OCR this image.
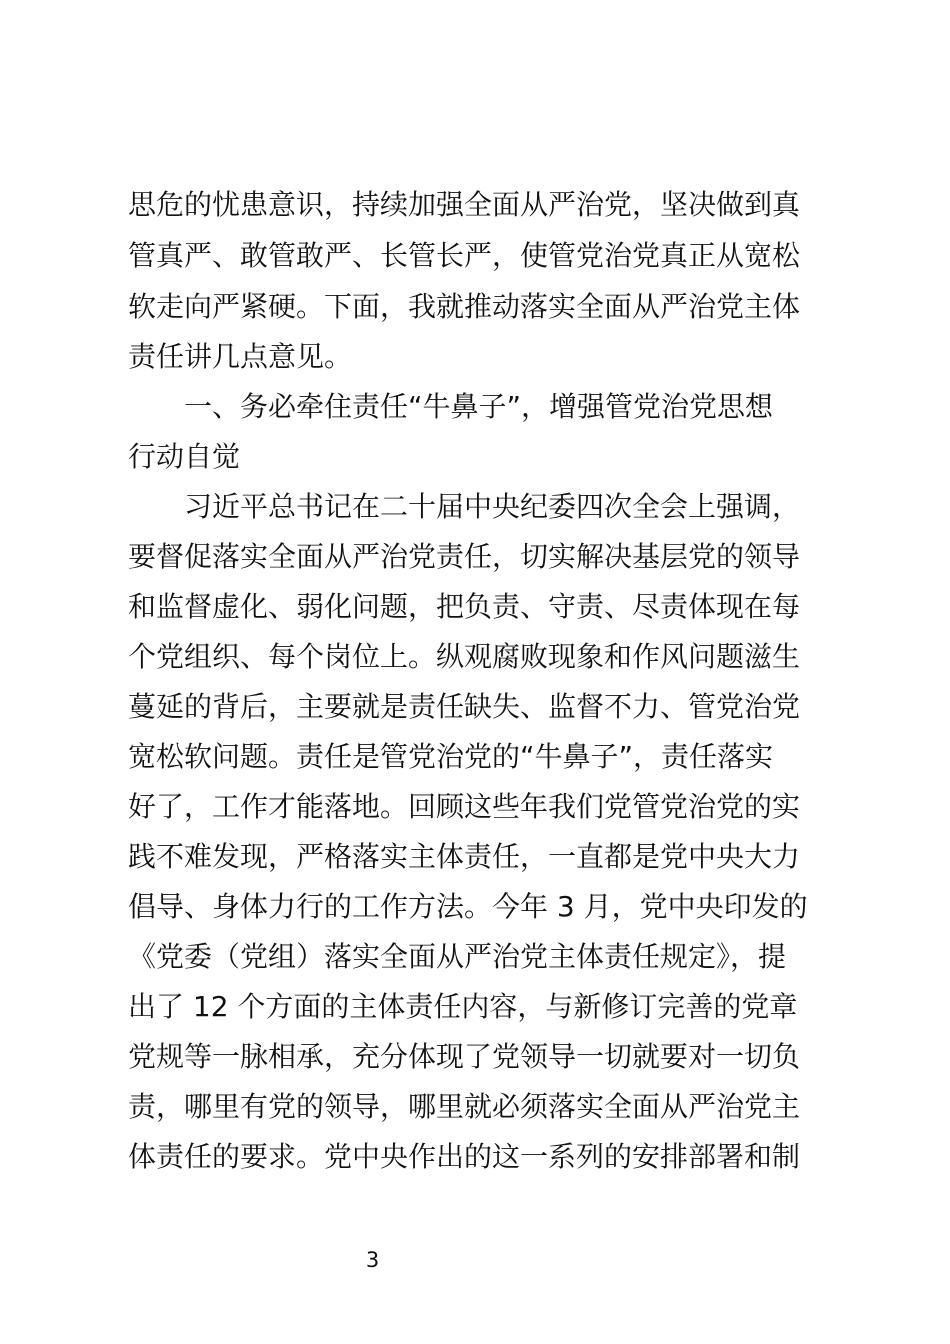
思危的忧患意识，持续加强全面从严治党，坚决做到真
管真严、敢管敢严、长管长严，使管党治党真正从宽松
软走向严紧硬。下面，我就推动落实全面从严治党主体
责任讲几点意见。
一、务必牵住责任“牛鼻子”，增强管党治党思想
行动自觉
习近平总书记在二十届中央纪委四次全会上强调，
要督促落实全面从严治党责任，切实解决基层党的领导
和监督虚化、弱化问题，把负责、守责、尽责体现在每
个党组织、每个岗位上。纵观腐败现象和作风问题滋生
蔓延的背后，主要就是责任缺失、监督不力、管党治党
宽松软问题。责任是管党治党的“牛鼻子”，责任落实
好了，工作才能落地。回顾这些年我们党管党治党的实
践不难发现，严格落实主体责任，一直都是党中央大力
倡导、身体力行的工作方法。今年 3 月，党中央印发的
《党委（党组）落实全面从严治党主体责任规定》，提
出了 12 个方面的主体责任内容，与新修订完善的党章
党规等一脉相承，充分体现了党领导一切就要对一切负
责，哪里有党的领导，哪里就必须落实全面从严治党主
体责任的要求。党中央作出的这一系列的安排部署和制
3
